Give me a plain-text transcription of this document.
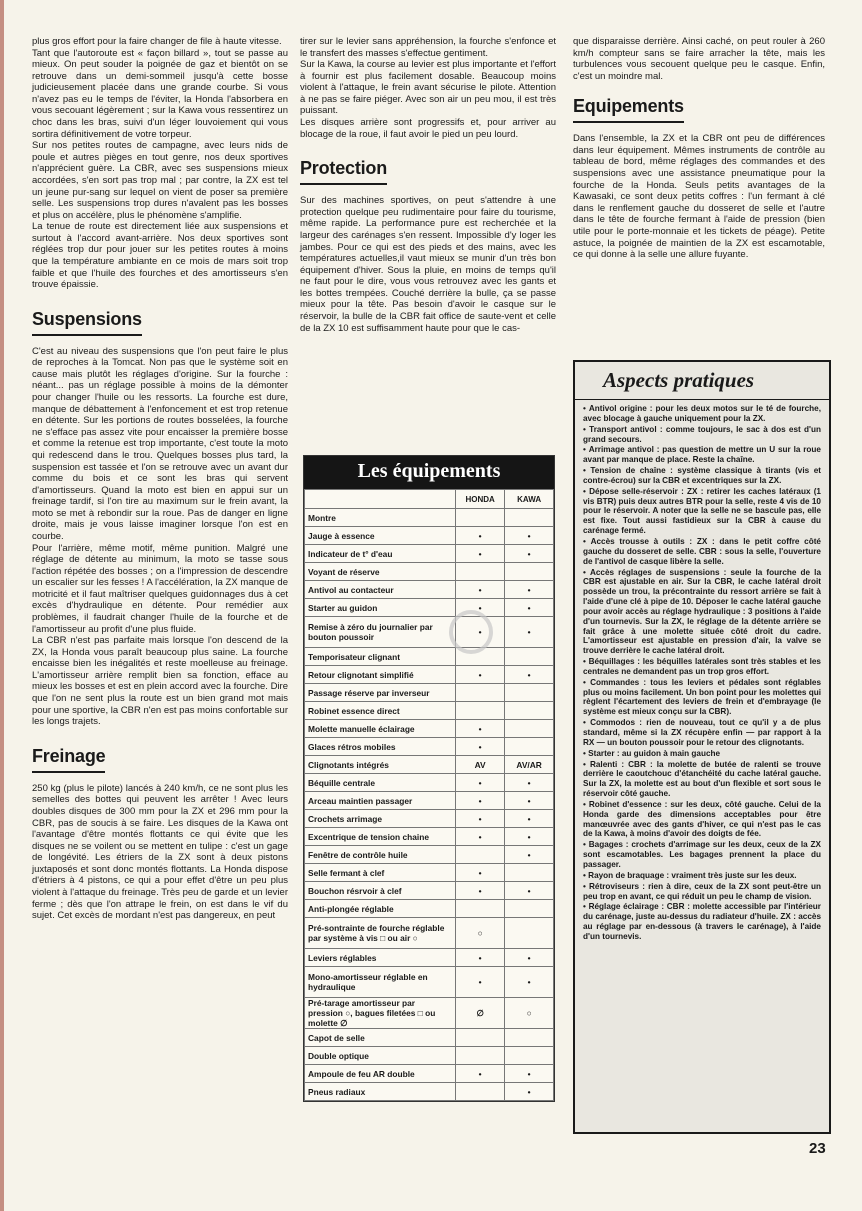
plus gros effort pour la faire changer de file à haute vitesse.

Tant que l'autoroute est « façon billard », tout se passe au mieux. On peut souder la poignée de gaz et bientôt on se retrouve dans un demi-sommeil jusqu'à cette bosse judicieusement placée dans une grande courbe. Si vous n'avez pas eu le temps de l'éviter, la Honda l'absorbera en vous secouant légèrement ; sur la Kawa vous ressentirez un choc dans les bras, suivi d'un léger louvoiement qui vous sortira définitivement de votre torpeur.

Sur nos petites routes de campagne, avec leurs nids de poule et autres pièges en tout genre, nos deux sportives n'apprécient guère. La CBR, avec ses suspensions mieux accordées, s'en sort pas trop mal ; par contre, la ZX est tel un jeune pur-sang sur lequel on vient de poser sa première selle. Les suspensions trop dures n'avalent pas les bosses et plus on accélère, plus le phénomène s'amplifie.

La tenue de route est directement liée aux suspensions et surtout à l'accord avant-arrière. Nos deux sportives sont réglées trop dur pour jouer sur les petites routes à moins que la température ambiante en ce mois de mars soit trop faible et que l'huile des fourches et des amortisseurs s'en trouve épaissie.

Suspensions

C'est au niveau des suspensions que l'on peut faire le plus de reproches à la Tomcat. Non pas que le système soit en cause mais plutôt les réglages d'origine. Sur la fourche : néant... pas un réglage possible à moins de la démonter pour changer l'huile ou les ressorts. La fourche est dure, manque de débattement à l'enfoncement et est trop retenue en détente. Sur les portions de routes bosselées, la fourche ne s'efface pas assez vite pour encaisser la première bosse et comme la retenue est trop importante, c'est toute la moto qui redescend dans le trou. Quelques bosses plus tard, la suspension est tassée et l'on se retrouve avec un avant dur comme du bois et ce sont les bras qui servent d'amortisseurs. Quand la moto est bien en appui sur un freinage tardif, si l'on tire au maximum sur le frein avant, la moto se met à rebondir sur la roue. Pas de danger en ligne droite, mais je vous laisse imaginer lorsque l'on est en courbe.

Pour l'arrière, même motif, même punition. Malgré une réglage de détente au minimum, la moto se tasse sous l'action répétée des bosses ; on a l'impression de descendre un escalier sur les fesses ! A l'accélération, la ZX manque de motricité et il faut maîtriser quelques guidonnages dus à cet excès d'hydraulique en détente. Pour remédier aux problèmes, il faudrait changer l'huile de la fourche et de l'amortisseur au profit d'une plus fluide.

La CBR n'est pas parfaite mais lorsque l'on descend de la ZX, la Honda vous paraît beaucoup plus saine. La fourche encaisse bien les inégalités et reste moelleuse au freinage. L'amortisseur arrière remplit bien sa fonction, efface au mieux les bosses et est en plein accord avec la fourche. Dire que l'on ne sent plus la route est un bien grand mot mais pour une sportive, la CBR n'en est pas moins confortable sur les longs trajets.

Freinage

250 kg (plus le pilote) lancés à 240 km/h, ce ne sont plus les semelles des bottes qui peuvent les arrêter ! Avec leurs doubles disques de 300 mm pour la ZX et 296 mm pour la CBR, pas de soucis à se faire. Les disques de la Kawa ont l'avantage d'être montés flottants ce qui évite que les disques ne se voilent ou se mettent en tulipe : c'est un gage de longévité. Les étriers de la ZX sont à deux pistons juxtaposés et sont donc montés flottants. La Honda dispose d'étriers à 4 pistons, ce qui a pour effet d'être un peu plus violent à l'attaque du freinage. Très peu de garde et un levier ferme ; dès que l'on attrape le frein, on est dans le vif du sujet. Cet excès de mordant n'est pas dangereux, en peut

tirer sur le levier sans appréhension, la fourche s'enfonce et le transfert des masses s'effectue gentiment.

Sur la Kawa, la course au levier est plus importante et l'effort à fournir est plus facilement dosable. Beaucoup moins violent à l'attaque, le frein avant sécurise le pilote. Attention à ne pas se faire piéger. Avec son air un peu mou, il est très puissant.

Les disques arrière sont progressifs et, pour arriver au blocage de la roue, il faut avoir le pied un peu lourd.

Protection

Sur des machines sportives, on peut s'attendre à une protection quelque peu rudimentaire pour faire du tourisme, même rapide. La performance pure est recherchée et la largeur des carénages s'en ressent. Impossible d'y loger les jambes. Pour ce qui est des pieds et des mains, avec les températures actuelles,il vaut mieux se munir d'un très bon équipement d'hiver. Sous la pluie, en moins de temps qu'il ne faut pour le dire, vous vous retrouvez avec les gants et les bottes trempées. Couché derrière la bulle, ça se passe mieux pour la tête. Pas besoin d'avoir le casque sur le réservoir, la bulle de la CBR fait office de saute-vent et celle de la ZX 10 est suffisamment haute pour que le cas-

Les équipements
	HONDA	KAWA
Montre		
Jauge à essence	•	•
Indicateur de t° d'eau	•	•
Voyant de réserve		
Antivol au contacteur	•	•
Starter au guidon	•	•
Remise à zéro du journalier par bouton poussoir	•	•
Temporisateur clignant		
Retour clignotant simplifié	•	•
Passage réserve par inverseur		
Robinet essence direct		
Molette manuelle éclairage	•	
Glaces rétros mobiles	•	
Clignotants intégrés	AV	AV/AR
Béquille centrale	•	•
Arceau maintien passager	•	•
Crochets arrimage	•	•
Excentrique de tension chaine	•	•
Fenêtre de contrôle huile		•
Selle fermant à clef	•	
Bouchon résrvoir à clef	•	•
Anti-plongée réglable		
Pré-sontrainte de fourche réglable par système à vis □ ou air ○	○	
Leviers réglables	•	•
Mono-amortisseur réglable en hydraulique	•	•
Pré-tarage amortisseur par pression ○, bagues filetées □ ou molette ∅	∅	○
Capot de selle		
Double optique		
Ampoule de feu AR double	•	•
Pneus radiaux		•

que disparaisse derrière. Ainsi caché, on peut rouler à 260 km/h compteur sans se faire arracher la tête, mais les turbulences vous secouent quelque peu le casque. Enfin, c'est un moindre mal.

Equipements

Dans l'ensemble, la ZX et la CBR ont peu de différences dans leur équipement. Mêmes instruments de contrôle au tableau de bord, même réglages des commandes et des suspensions avec une assistance pneumatique pour la fourche de la Honda. Seuls petits avantages de la Kawasaki, ce sont deux petits coffres : l'un fermant à clé dans le renflement gauche du dosseret de selle et l'autre dans le tête de fourche fermant à l'aide de pression (bien utile pour le porte-monnaie et les tickets de péage). Petite astuce, la poignée de maintien de la ZX est escamotable, ce qui donne à la selle une allure fuyante.

Aspects pratiques
• Antivol origine : pour les deux motos sur le té de fourche, avec blocage à gauche uniquement pour la ZX.
• Transport antivol : comme toujours, le sac à dos est d'un grand secours.
• Arrimage antivol : pas question de mettre un U sur la roue avant par manque de place. Reste la chaîne.
• Tension de chaîne : système classique à tirants (vis et contre-écrou) sur la CBR et excentriques sur la ZX.
• Dépose selle-réservoir : ZX : retirer les caches latéraux (1 vis BTR) puis deux autres BTR pour la selle, reste 4 vis de 10 pour le réservoir. A noter que la selle ne se bascule pas, elle est fixe. Tout aussi fastidieux sur la CBR à cause du carénage fermé.
• Accès trousse à outils : ZX : dans le petit coffre côté gauche du dosseret de selle. CBR : sous la selle, l'ouverture de l'antivol de casque libère la selle.
• Accès réglages de suspensions : seule la fourche de la CBR est ajustable en air. Sur la CBR, le cache latéral droit possède un trou, la précontrainte du ressort arrière se fait à l'aide d'une clé à pipe de 10. Déposer le cache latéral gauche pour avoir accès au réglage hydraulique : 3 positions à l'aide d'un tournevis. Sur la ZX, le réglage de la détente arrière se fait grâce à une molette située côté droit du cadre. L'amortisseur est ajustable en pression d'air, la valve se trouve derrière le cache latéral droit.
• Béquillages : les béquilles latérales sont très stables et les centrales ne demandent pas un trop gros effort.
• Commandes : tous les leviers et pédales sont réglables plus ou moins facilement. Un bon point pour les molettes qui règlent l'écartement des leviers de frein et d'embrayage (le système est mieux conçu sur la CBR).
• Commodos : rien de nouveau, tout ce qu'il y a de plus standard, même si la ZX récupère enfin — par rapport à la RX — un bouton poussoir pour le retour des clignotants.
• Starter : au guidon à main gauche
• Ralenti : CBR : la molette de butée de ralenti se trouve derrière le caoutchouc d'étanchéité du cache latéral gauche. Sur la ZX, la molette est au bout d'un flexible et sort sous le réservoir côté gauche.
• Robinet d'essence : sur les deux, côté gauche. Celui de la Honda garde des dimensions acceptables pour être manœuvrée avec des gants d'hiver, ce qui n'est pas le cas de la Kawa, à moins d'avoir des doigts de fée.
• Bagages : crochets d'arrimage sur les deux, ceux de la ZX sont escamotables. Les bagages prennent la place du passager.
• Rayon de braquage : vraiment très juste sur les deux.
• Rétroviseurs : rien à dire, ceux de la ZX sont peut-être un peu trop en avant, ce qui réduit un peu le champ de vision.
• Réglage éclairage : CBR : molette accessible par l'intérieur du carénage, juste au-dessus du radiateur d'huile. ZX : accès au réglage par en-dessous (à travers le carénage), à l'aide d'un tournevis.
23
